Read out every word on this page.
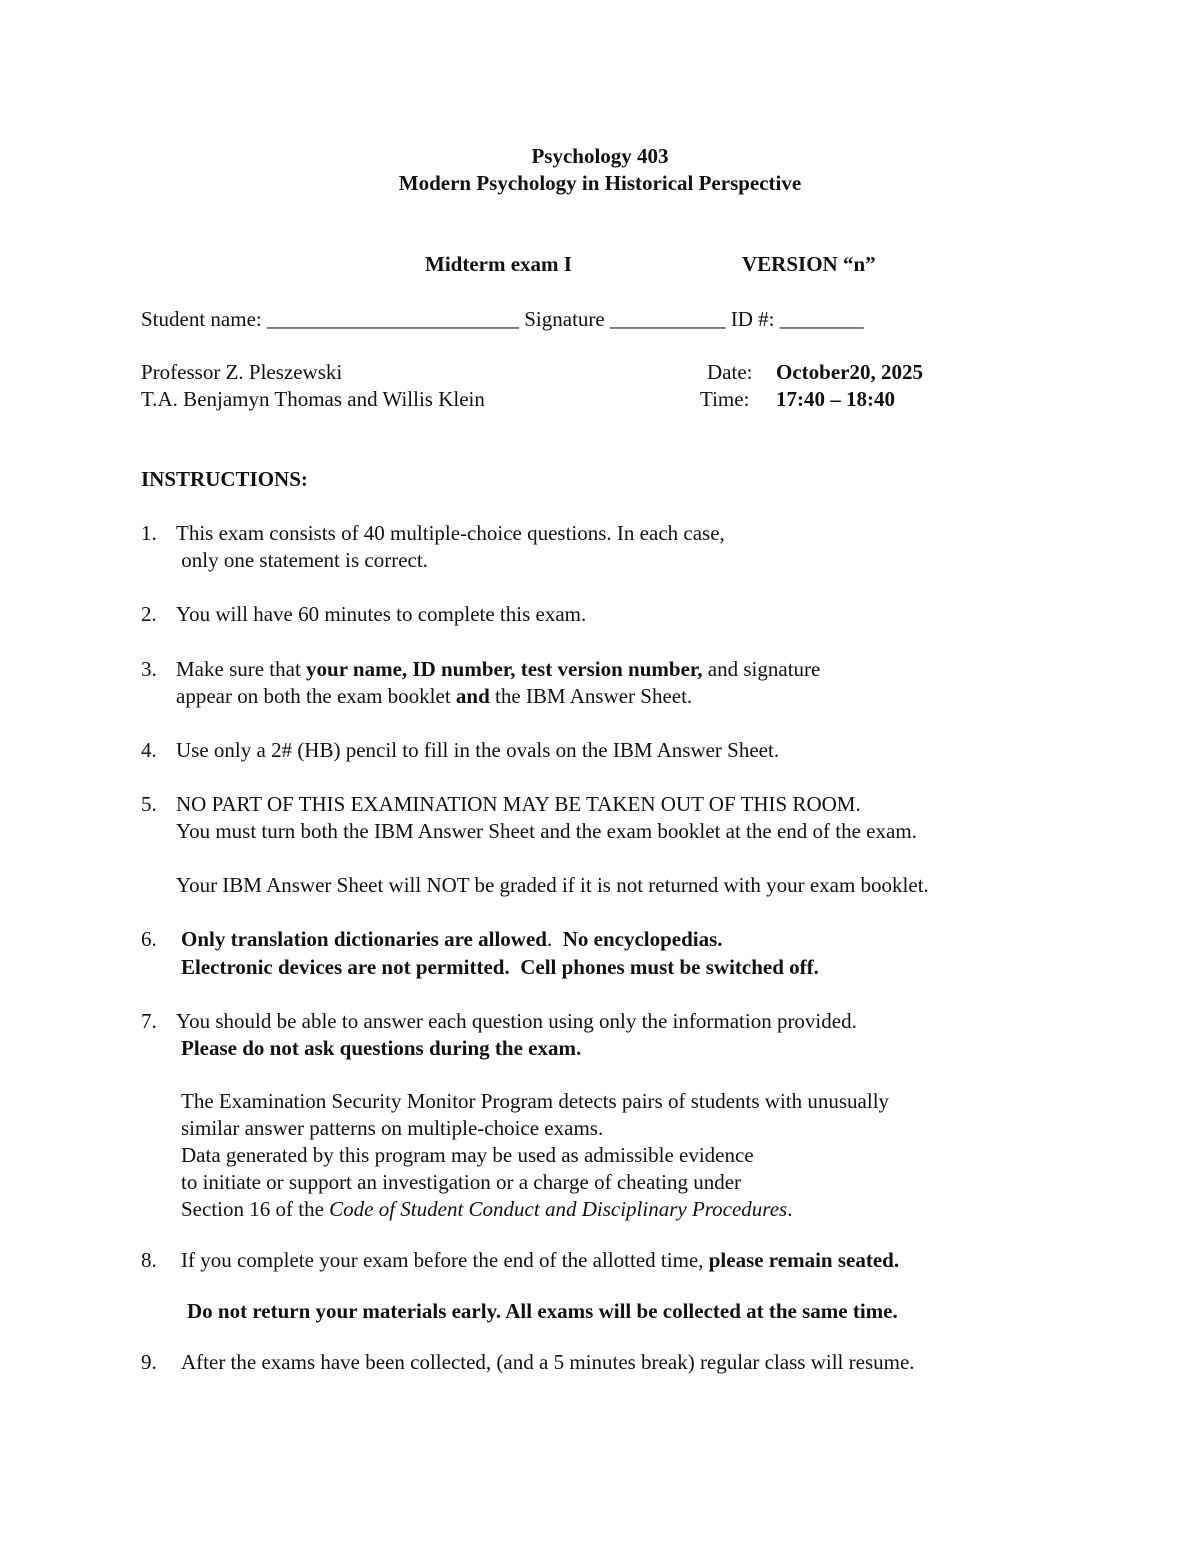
Psychology 403
Modern Psychology in Historical Perspective
Midterm exam I	VERSION “n”
Student name: ________________________ Signature ___________ ID #: ________
Professor Z. Pleszewski
T.A. Benjamyn Thomas and Willis Klein
Date: October20, 2025
Time: 17:40 – 18:40
INSTRUCTIONS:
1. This exam consists of 40 multiple-choice questions. In each case,
only one statement is correct.
2. You will have 60 minutes to complete this exam.
3. Make sure that your name, ID number, test version number, and signature
appear on both the exam booklet and the IBM Answer Sheet.
4. Use only a 2# (HB) pencil to fill in the ovals on the IBM Answer Sheet.
5. NO PART OF THIS EXAMINATION MAY BE TAKEN OUT OF THIS ROOM.
You must turn both the IBM Answer Sheet and the exam booklet at the end of the exam.
Your IBM Answer Sheet will NOT be graded if it is not returned with your exam booklet.
6. Only translation dictionaries are allowed.  No encyclopedias.
Electronic devices are not permitted.  Cell phones must be switched off.
7. You should be able to answer each question using only the information provided.
Please do not ask questions during the exam.
The Examination Security Monitor Program detects pairs of students with unusually
similar answer patterns on multiple-choice exams.
Data generated by this program may be used as admissible evidence
to initiate or support an investigation or a charge of cheating under
Section 16 of the Code of Student Conduct and Disciplinary Procedures.
8. If you complete your exam before the end of the allotted time, please remain seated.
Do not return your materials early. All exams will be collected at the same time.
9. After the exams have been collected, (and a 5 minutes break) regular class will resume.
